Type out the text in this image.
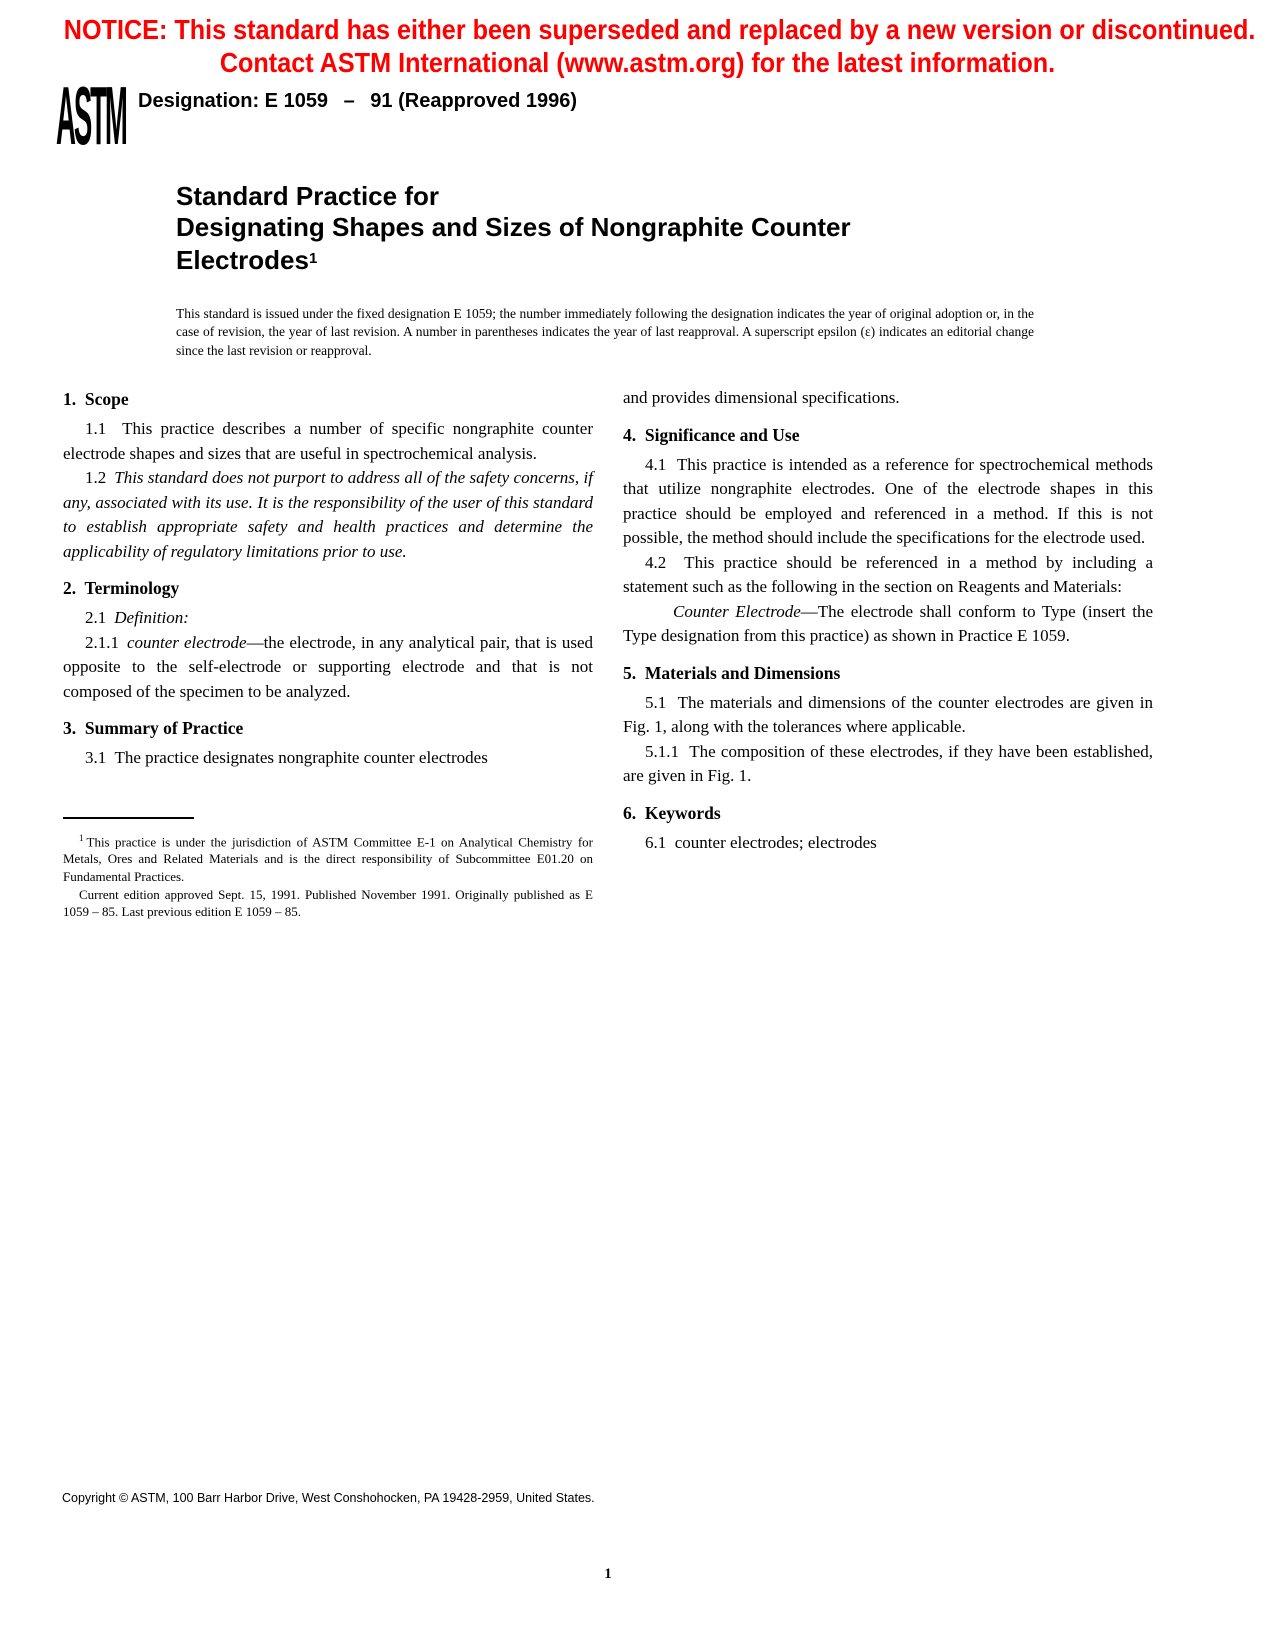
NOTICE: This standard has either been superseded and replaced by a new version or discontinued.
Contact ASTM International (www.astm.org) for the latest information.
ASTM Designation: E 1059  –  91 (Reapproved 1996)
Standard Practice for
Designating Shapes and Sizes of Nongraphite Counter
Electrodes$^1$

This standard is issued under the fixed designation E 1059; the number immediately following the designation indicates the year of original adoption or, in the case of revision, the year of last revision. A number in parentheses indicates the year of last reapproval. A superscript epsilon (ε) indicates an editorial change since the last revision or reapproval.

1.  Scope

1.1  This practice describes a number of specific nongraphite counter electrode shapes and sizes that are useful in spectrochemical analysis.

1.2 This standard does not purport to address all of the safety concerns, if any, associated with its use. It is the responsibility of the user of this standard to establish appropriate safety and health practices and determine the applicability of regulatory limitations prior to use.

2.  Terminology

2.1 Definition:

2.1.1 counter electrode—the electrode, in any analytical pair, that is used opposite to the self-electrode or supporting electrode and that is not composed of the specimen to be analyzed.

3.  Summary of Practice

3.1  The practice designates nongraphite counter electrodes

$^1$ This practice is under the jurisdiction of ASTM Committee E-1 on Analytical Chemistry for Metals, Ores and Related Materials and is the direct responsibility of Subcommittee E01.20 on Fundamental Practices.

Current edition approved Sept. 15, 1991. Published November 1991. Originally published as E 1059 – 85. Last previous edition E 1059 – 85.

and provides dimensional specifications.

4.  Significance and Use

4.1  This practice is intended as a reference for spectrochemical methods that utilize nongraphite electrodes. One of the electrode shapes in this practice should be employed and referenced in a method. If this is not possible, the method should include the specifications for the electrode used.

4.2  This practice should be referenced in a method by including a statement such as the following in the section on Reagents and Materials:

Counter Electrode—The electrode shall conform to Type (insert the Type designation from this practice) as shown in Practice E 1059.

5.  Materials and Dimensions

5.1  The materials and dimensions of the counter electrodes are given in Fig. 1, along with the tolerances where applicable.

5.1.1  The composition of these electrodes, if they have been established, are given in Fig. 1.

6.  Keywords

6.1  counter electrodes; electrodes

Copyright © ASTM, 100 Barr Harbor Drive, West Conshohocken, PA 19428-2959, United States.
1
